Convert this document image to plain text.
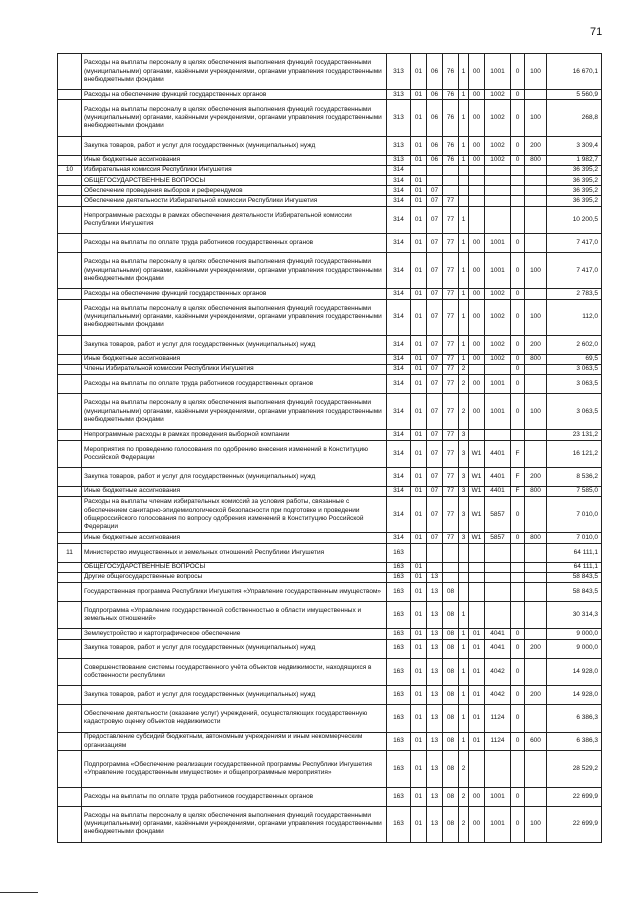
71
	Расходы на выплаты персоналу в целях обеспечения выполнения функций государственными (муниципальными) органами, казёнными учреждениями, органами управления государственными внебюджетными фондами	313	01	06	76	1	00	1001	0	100	16 670,1
	Расходы на обеспечение функций государственных органов	313	01	06	76	1	00	1002	0		5 560,9
	Расходы на выплаты персоналу в целях обеспечения выполнения функций государственными (муниципальными) органами, казёнными учреждениями, органами управления государственными внебюджетными фондами	313	01	06	76	1	00	1002	0	100	268,8
	Закупка товаров, работ и услуг для государственных (муниципальных) нужд	313	01	06	76	1	00	1002	0	200	3 309,4
	Иные бюджетные ассигнования	313	01	06	76	1	00	1002	0	800	1 982,7
10	Избирательная комиссия Республики Ингушетия	314									36 395,2
	ОБЩЕГОСУДАРСТВЕННЫЕ ВОПРОСЫ	314	01								36 395,2
	Обеспечение проведения выборов и референдумов	314	01	07							36 395,2
	Обеспечение деятельности Избирательной комиссии Республики Ингушетия	314	01	07	77						36 395,2
	Непрограммные расходы в рамках обеспечения деятельности Избирательной комиссии Республики Ингушетия	314	01	07	77	1					10 200,5
	Расходы на выплаты по оплате труда работников государственных органов	314	01	07	77	1	00	1001	0		7 417,0
	Расходы на выплаты персоналу в целях обеспечения выполнения функций государственными (муниципальными) органами, казёнными учреждениями, органами управления государственными внебюджетными фондами	314	01	07	77	1	00	1001	0	100	7 417,0
	Расходы на обеспечение функций государственных органов	314	01	07	77	1	00	1002	0		2 783,5
	Расходы на выплаты персоналу в целях обеспечения выполнения функций государственными (муниципальными) органами, казёнными учреждениями, органами управления государственными внебюджетными фондами	314	01	07	77	1	00	1002	0	100	112,0
	Закупка товаров, работ и услуг для государственных (муниципальных) нужд	314	01	07	77	1	00	1002	0	200	2 602,0
	Иные бюджетные ассигнования	314	01	07	77	1	00	1002	0	800	69,5
	Члены Избирательной комиссии Республики Ингушетия	314	01	07	77	2			0		3 063,5
	Расходы на выплаты по оплате труда работников государственных органов	314	01	07	77	2	00	1001	0		3 063,5
	Расходы на выплаты персоналу в целях обеспечения выполнения функций государственными (муниципальными) органами, казёнными учреждениями, органами управления государственными внебюджетными фондами	314	01	07	77	2	00	1001	0	100	3 063,5
	Непрограммные расходы в рамках проведения выборной компании	314	01	07	77	3					23 131,2
	Мероприятия по проведению голосования по одобрению внесения изменений в Конституцию Российской Федерации	314	01	07	77	3	W1	4401	F		16 121,2
	Закупка товаров, работ и услуг для государственных (муниципальных) нужд	314	01	07	77	3	W1	4401	F	200	8 536,2
	Иные бюджетные ассигнования	314	01	07	77	3	W1	4401	F	800	7 585,0
	Расходы на выплаты членам избирательных комиссий за условия работы, связанные с обеспечением санитарно-эпидемиологической безопасности при подготовке и проведении общероссийского голосования по вопросу одобрения изменений в Конституцию Российской Федерации	314	01	07	77	3	W1	5857	0		7 010,0
	Иные бюджетные ассигнования	314	01	07	77	3	W1	5857	0	800	7 010,0
11	Министерство имущественных и земельных отношений Республики Ингушетия	163									64 111,1
	ОБЩЕГОСУДАРСТВЕННЫЕ ВОПРОСЫ	163	01								64 111,1
	Другие общегосударственные вопросы	163	01	13							58 843,5
	Государственная программа Республики Ингушетия «Управление государственным имуществом»	163	01	13	08						58 843,5
	Подпрограмма «Управление государственной собственностью в области имущественных и земельных отношений»	163	01	13	08	1					30 314,3
	Землеустройство и картографическое обеспечение	163	01	13	08	1	01	4041	0		9 000,0
	Закупка товаров, работ и услуг для государственных (муниципальных) нужд	163	01	13	08	1	01	4041	0	200	9 000,0
	Совершенствование системы государственного учёта объектов недвижимости, находящихся в собственности республики	163	01	13	08	1	01	4042	0		14 928,0
	Закупка товаров, работ и услуг для государственных (муниципальных) нужд	163	01	13	08	1	01	4042	0	200	14 928,0
	Обеспечение деятельности (оказание услуг) учреждений, осуществляющих государственную кадастровую оценку объектов недвижимости	163	01	13	08	1	01	1124	0		6 386,3
	Предоставление субсидий бюджетным, автономным учреждениям и иным некоммерческим организациям	163	01	13	08	1	01	1124	0	600	6 386,3
	Подпрограмма «Обеспечение реализации государственной программы Республики Ингушетия «Управление государственным имуществом» и общепрограммные мероприятия»	163	01	13	08	2					28 529,2
	Расходы на выплаты по оплате труда работников государственных органов	163	01	13	08	2	00	1001	0		22 699,9
	Расходы на выплаты персоналу в целях обеспечения выполнения функций государственными (муниципальными) органами, казёнными учреждениями, органами управления государственными внебюджетными фондами	163	01	13	08	2	00	1001	0	100	22 699,9
